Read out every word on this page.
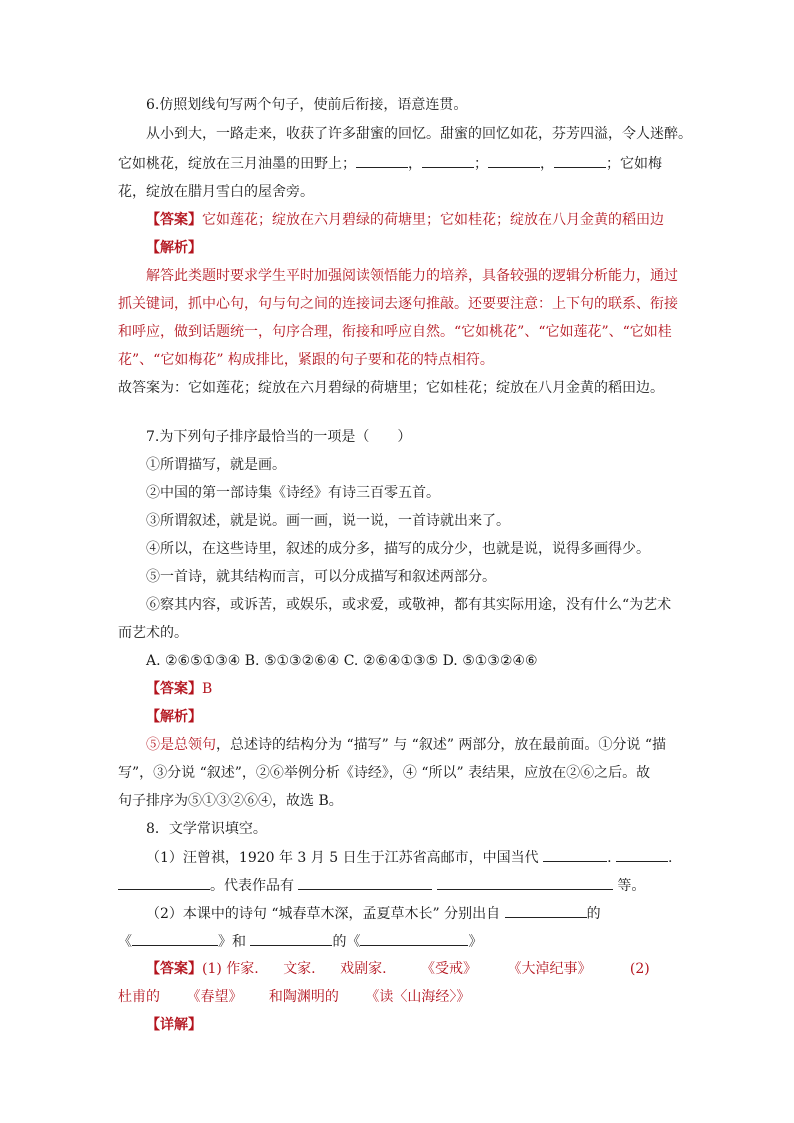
6.仿照划线句写两个句子，使前后衔接，语意连贯。
从小到大，一路走来，收获了许多甜蜜的回忆。甜蜜的回忆如花，芬芳四溢，令人迷醉。
它如桃花，绽放在三月油墨的田野上；	，	；	，	；它如梅
花，绽放在腊月雪白的屋舍旁。
【答案】它如莲花；绽放在六月碧绿的荷塘里；它如桂花；绽放在八月金黄的稻田边
【解析】
解答此类题时要求学生平时加强阅读领悟能力的培养，具备较强的逻辑分析能力，通过
抓关键词，抓中心句，句与句之间的连接词去逐句推敲。还要要注意：上下句的联系、衔接
和呼应，做到话题统一，句序合理，衔接和呼应自然。“它如桃花”、“它如莲花”、“它如桂
花”、“它如梅花” 构成排比，紧跟的句子要和花的特点相符。
故答案为：它如莲花；绽放在六月碧绿的荷塘里；它如桂花；绽放在八月金黄的稻田边。
7.为下列句子排序最恰当的一项是（　　）
①所谓描写，就是画。
②中国的第一部诗集《诗经》有诗三百零五首。
③所谓叙述，就是说。画一画，说一说，一首诗就出来了。
④所以，在这些诗里，叙述的成分多，描写的成分少，也就是说，说得多画得少。
⑤一首诗，就其结构而言，可以分成描写和叙述两部分。
⑥察其内容，或诉苦，或娱乐，或求爱，或敬神，都有其实际用途，没有什么“为艺术
而艺术的。
A. ②⑥⑤①③④ B. ⑤①③②⑥④ C. ②⑥④①③⑤ D. ⑤①③②④⑥
【答案】B
【解析】
⑤是总领句，总述诗的结构分为 “描写” 与 “叙述” 两部分，放在最前面。①分说 “描
写”，③分说 “叙述”，②⑥举例分析《诗经》，④ “所以” 表结果，应放在②⑥之后。故
句子排序为⑤①③②⑥④，故选 B。
8．文学常识填空。
（1）汪曾祺，1920 年 3 月 5 日生于江苏省高邮市，中国当代	.	.
。代表作品有	等。
（2）本课中的诗句 “城春草木深，孟夏草木长” 分别出自	的
《	》和	的《	》
【答案】(1) 作家. 文家. 戏剧家. 《受戒》 《大淖纪事》	(2)
杜甫的 《春望》 和陶渊明的 《读〈山海经〉》
【详解】
